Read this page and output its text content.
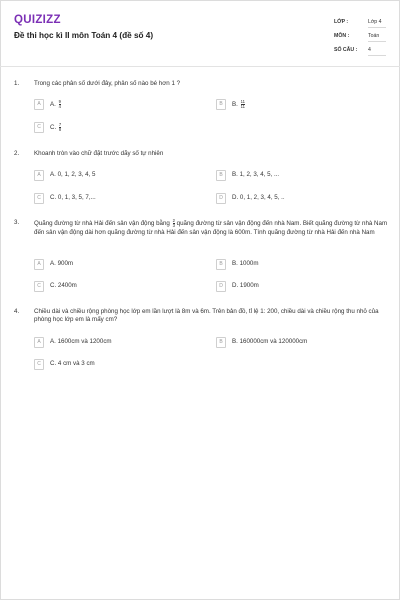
QUIZIZZ
Đề thi học kì II môn Toán 4 (đề số 4)
LỚP :	Lớp 4
MÔN :	Toán
SỐ CÂU : 4
1. Trong các phân số dưới đây, phân số nào bé hơn 1 ?
A	A. $\frac{9}{4}$	B	B. $\frac{11}{11}$
C	C. $\frac{7}{8}$
2. Khoanh tròn vào chữ đặt trước dãy số tự nhiên
A	A. 0, 1, 2, 3, 4, 5	B	B. 1, 2, 3, 4, 5, ...
C	C. 0, 1, 3, 5, 7,...	D	D. 0, 1, 2, 3, 4, 5, ..
3. Quãng đường từ nhà Hải đến sân vận động bằng $\frac{2}{3}$ quãng đường từ sân vận động đến nhà Nam. Biết quãng đường từ nhà Nam đến sân vận động dài hơn quãng đường từ nhà Hải đến sân vận động là 600m. Tính quãng đường từ nhà Hải đến nhà Nam
A	A. 900m	B	B. 1000m
C	C. 2400m	D	D. 1900m
4. Chiều dài và chiều rộng phòng học lớp em lần lượt là 8m và 6m. Trên bản đồ, tỉ lệ 1: 200, chiều dài và chiều rộng thu nhỏ của phòng học lớp em là mấy cm?
A	A. 1600cm và 1200cm	B	B. 160000cm và 120000cm
C	C. 4 cm và 3 cm
